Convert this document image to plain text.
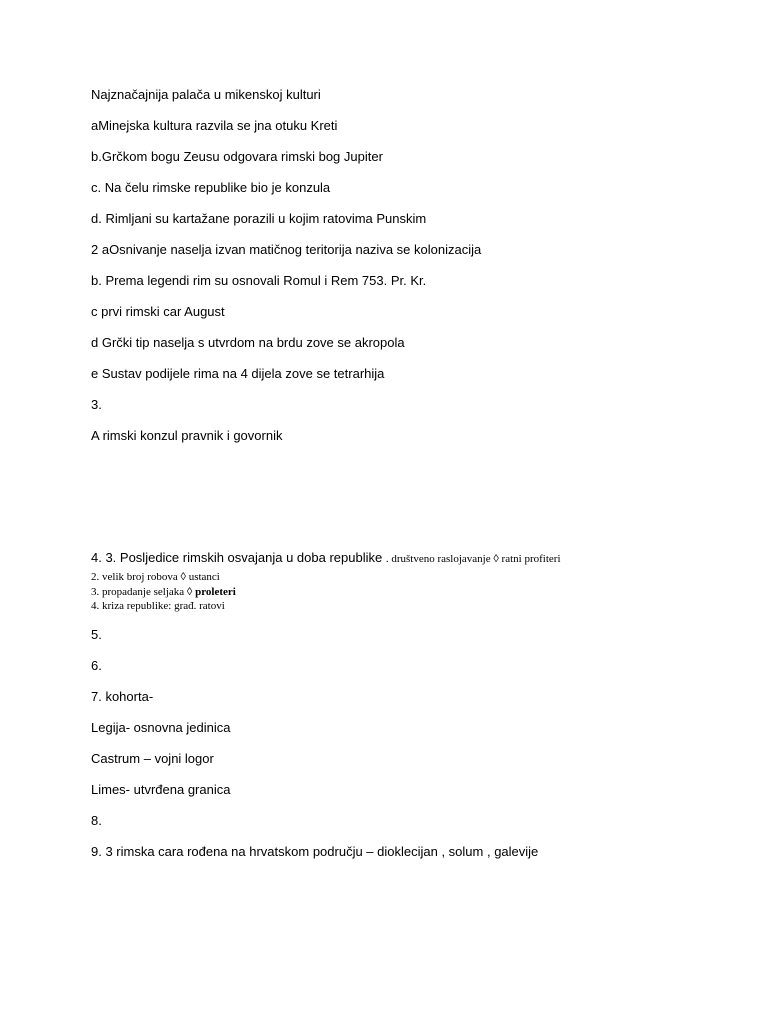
Najznačajnija palača u mikenskoj kulturi
aMinejska kultura razvila se jna otuku Kreti
b.Grčkom bogu Zeusu odgovara rimski bog Jupiter
c. Na čelu rimske republike bio je konzula
d. Rimljani su kartažane porazili u kojim ratovima Punskim
2 aOsnivanje naselja izvan matičnog teritorija naziva se kolonizacija
b. Prema legendi rim su osnovali Romul i Rem 753. Pr. Kr.
c prvi rimski car August
d Grčki tip naselja s utvrdom na brdu zove se akropola
e Sustav podijele rima na 4 dijela zove se tetrarhija
3.
A rimski konzul pravnik i govornik
4. 3. Posljedice rimskih osvajanja u doba republike . društveno raslojavanje ◊ ratni profiteri
2. velik broj robova ◊ ustanci
3. propadanje seljaka ◊ proleteri
4. kriza republike: građ. ratovi
5.
6.
7. kohorta-
Legija- osnovna jedinica
Castrum – vojni logor
Limes- utvrđena granica
8.
9. 3 rimska cara rođena na hrvatskom području – dioklecijan , solum , galevije
